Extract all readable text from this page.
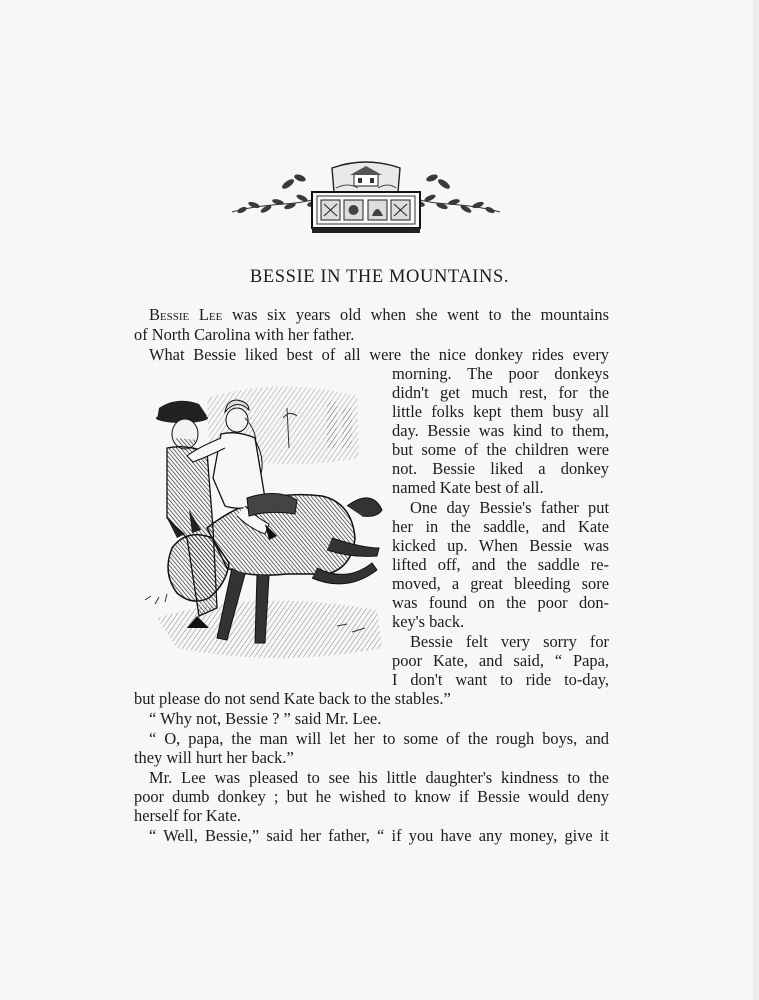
BESSIE IN THE MOUNTAINS.
Bessie Lee was six years old when she went to the mountains
of North Carolina with her father.
What Bessie liked best of all were the nice donkey rides every
morning. The poor donkeys
didn't get much rest, for the
little folks kept them busy all
day. Bessie was kind to them,
but some of the children were
not. Bessie liked a donkey
named Kate best of all.
One day Bessie's father put
her in the saddle, and Kate
kicked up. When Bessie was
lifted off, and the saddle re-
moved, a great bleeding sore
was found on the poor don-
key's back.
Bessie felt very sorry for
poor Kate, and said, “ Papa,
I don't want to ride to-day,
but please do not send Kate back to the stables.”
“ Why not, Bessie ? ” said Mr. Lee.
“ O, papa, the man will let her to some of the rough boys, and
they will hurt her back.”
Mr. Lee was pleased to see his little daughter's kindness to the
poor dumb donkey ; but he wished to know if Bessie would deny
herself for Kate.
“ Well, Bessie,” said her father, “ if you have any money, give it
